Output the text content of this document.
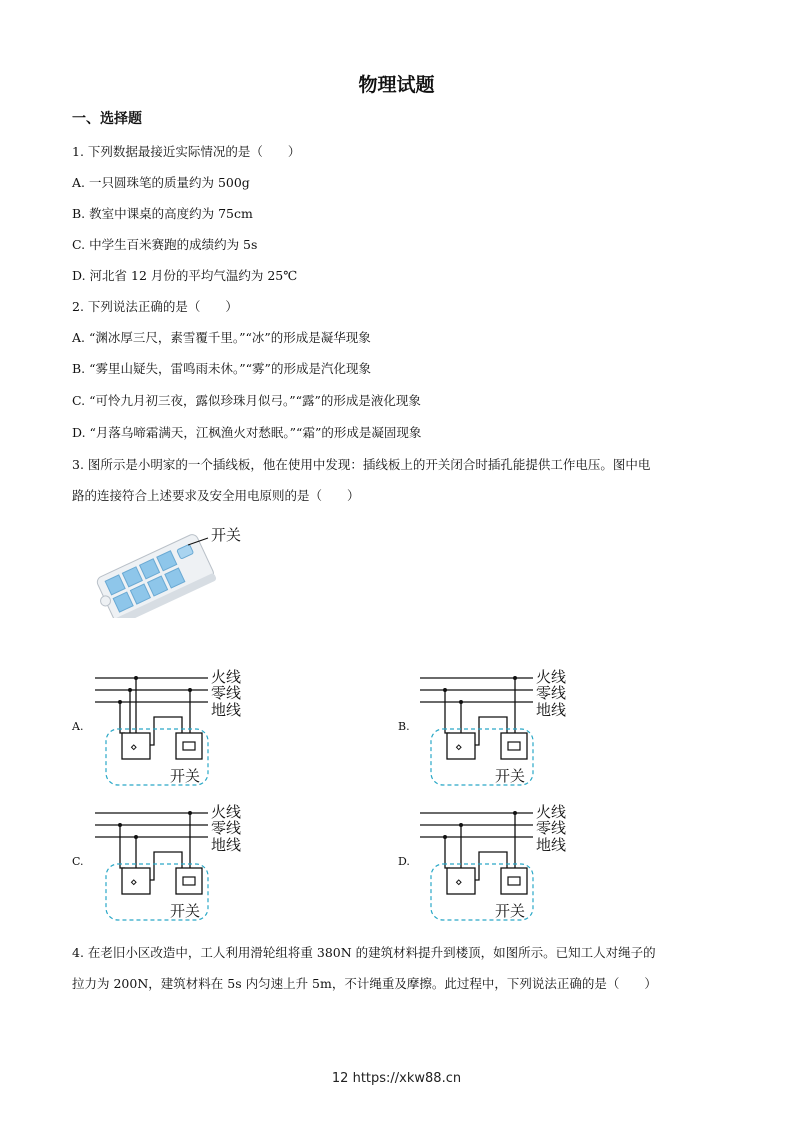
物理试题
一、选择题
1. 下列数据最接近实际情况的是（　　）
A. 一只圆珠笔的质量约为 500g
B. 教室中课桌的高度约为 75cm
C. 中学生百米赛跑的成绩约为 5s
D. 河北省 12 月份的平均气温约为 25℃
2. 下列说法正确的是（　　）
A. “渊冰厚三尺，素雪覆千里。”“冰”的形成是凝华现象
B. “雾里山疑失，雷鸣雨未休。”“雾”的形成是汽化现象
C. “可怜九月初三夜，露似珍珠月似弓。”“露”的形成是液化现象
D. “月落乌啼霜满天，江枫渔火对愁眠。”“霜”的形成是凝固现象
3. 图所示是小明家的一个插线板，他在使用中发现：插线板上的开关闭合时插孔能提供工作电压。图中电
路的连接符合上述要求及安全用电原则的是（　　）
开关
A.	B.
C.	D.
⋄
火线
零线
地线
开关
⋄
火线
零线
地线
开关
⋄
火线
零线
地线
开关
⋄
火线
零线
地线
开关
4. 在老旧小区改造中，工人利用滑轮组将重 380N 的建筑材料提升到楼顶，如图所示。已知工人对绳子的
拉力为 200N，建筑材料在 5s 内匀速上升 5m，不计绳重及摩擦。此过程中，下列说法正确的是（　　）
12 https://xkw88.cn
